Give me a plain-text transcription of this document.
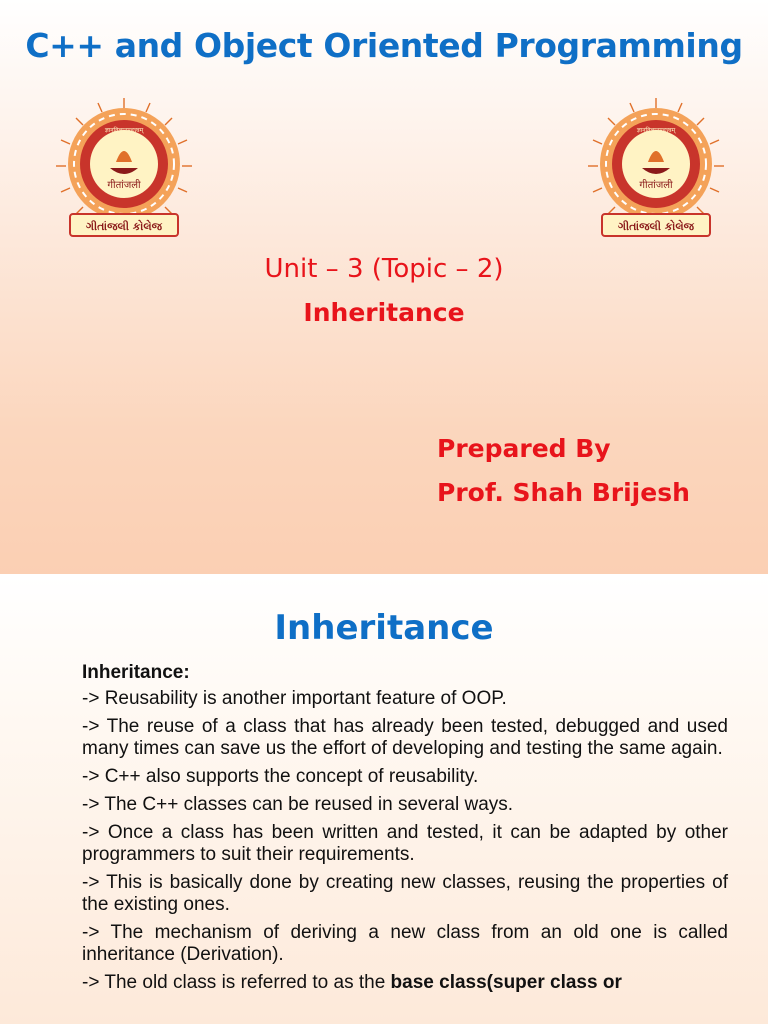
C++ and Object Oriented Programming
गीतांजली
ज्ञानविज्ञानमहत्त्वम्
ગીતાંજલી કોલેજ
गीतांजली
ज्ञानविज्ञानमहत्त्वम्
ગીતાંજલી કોલેજ
Unit – 3 (Topic – 2)
Inheritance
Prepared By
Prof. Shah Brijesh
Inheritance

Inheritance:

-> Reusability is another important feature of OOP.

-> The reuse of a class that has already been tested, debugged and used many times can save us the effort of developing and testing the same again.

-> C++ also supports the concept of reusability.

-> The C++ classes can be reused in several ways.

-> Once a class has been written and tested, it can be adapted by other programmers to suit their requirements.

-> This is basically done by creating new classes, reusing the properties of the existing ones.

-> The mechanism of deriving a new class from an old one is called inheritance (Derivation).

-> The old class is referred to as the base class(super class or
